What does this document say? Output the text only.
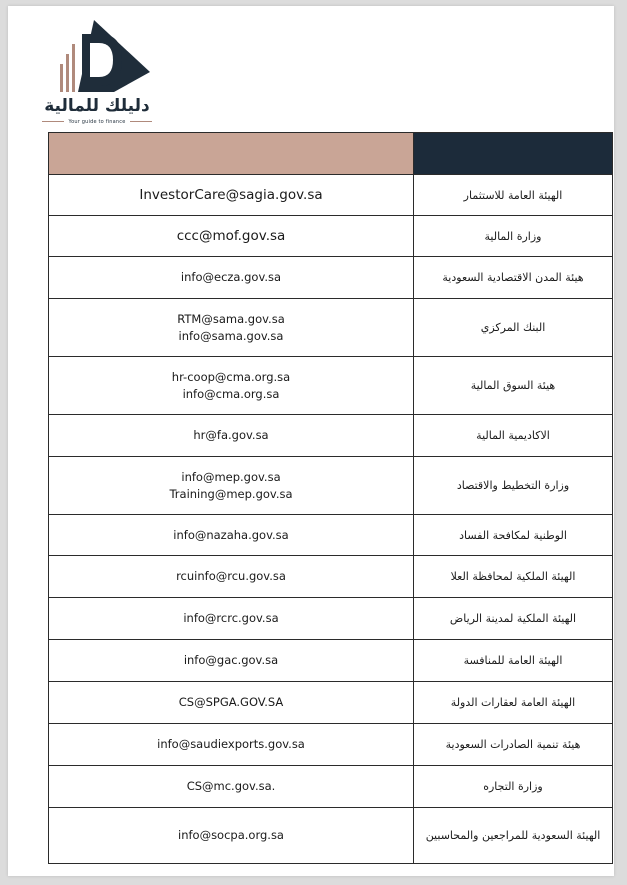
دليلك للمالية
Your guide to finance

InvestorCare@sagia.gov.sa	الهيئة العامة للاستثمار

ccc@mof.gov.sa	وزارة المالية

info@ecza.gov.sa	هيئة المدن الاقتصادية السعودية

RTM@sama.gov.sa
info@sama.gov.sa	البنك المركزي

hr-coop@cma.org.sa
info@cma.org.sa	هيئة السوق المالية

hr@fa.gov.sa	الاكاديمية المالية

info@mep.gov.sa
Training@mep.gov.sa	وزارة التخطيط والاقتصاد

info@nazaha.gov.sa	الوطنية لمكافحة الفساد

rcuinfo@rcu.gov.sa	الهيئة الملكية لمحافظة العلا

info@rcrc.gov.sa	الهيئة الملكية لمدينة الرياض

info@gac.gov.sa	الهيئة العامة للمنافسة

CS@SPGA.GOV.SA	الهيئة العامة لعقارات الدولة

info@saudiexports.gov.sa	هيئة تنمية الصادرات السعودية

CS@mc.gov.sa.	وزارة التجاره

info@socpa.org.sa	الهيئة السعودية للمراجعين والمحاسبين
